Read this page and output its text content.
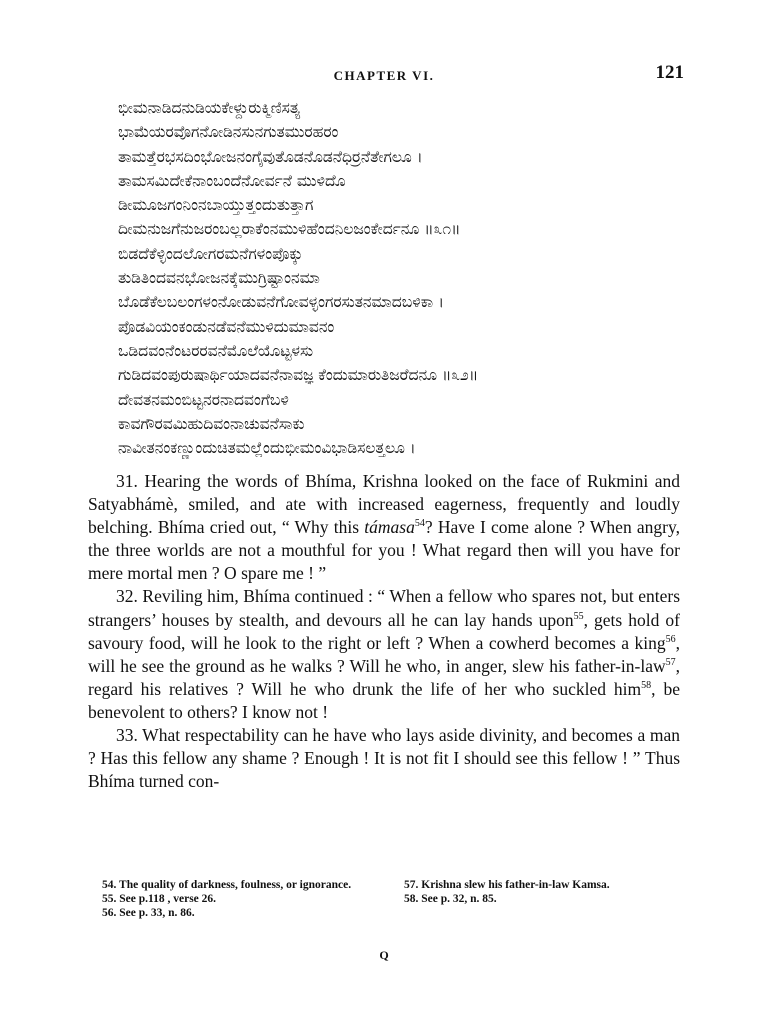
CHAPTER VI.	121
ಭೀಮನಾಡಿದನುಡಿಯಕೇಳ್ದುರುಕ್ಮಿಣಿಸತ್ಯ
ಭಾಮೆಯರವೊಗನೋಡಿನಸುನಗುತಮುರಹರಂ
ತಾಮತ್ತೆರಭಸದಿಂಭೋಜನಂಗೈವುತೊಡನೊಡನೆಧಿರ‍್ರನೆತೇಗಲೂ ।
ತಾಮಸಮಿದೇಕೆನಾಂಬಂದೆನೋರ್ವನೆ ಮುಳಿದೊ
ಡೀಮೂಜಗಂನಿಂನಬಾಯ್ತುತ್ತಂದುತುತ್ತಾಗ
ದೀಮನುಜಗೆನುಜರಂಬಲ್ಲರಾಕೆಂನಮುಳಿಹೆಂದನಿಲಜಂಕೇರ್ದನೂ ॥೩೧॥
ಬಿಡದೆಕೆಳ್ಳಿಂದಲೋಗರಮನೆಗಳಂಪೊಕ್ಕು
ತುಡಿತಿಂದವನಭೋಜನಕ್ಕೆಮುಗ್ರಿಷ್ಟಾಂನಮಾ
ಬೊಡೆಕೆಲಬಲಂಗಳಂನೋಡುವನೆಗೋವಳ್ಳಂಗರಸುತನಮಾದಬಳಿಕಾ ।
ಪೊಡವಿಯಂಕಂಡುನಡೆವನೆಮುಳಿದುಮಾವನಂ
ಒಡಿದವಂನೆಂಟರರವನೆಮೊಲೆಯೊಟ್ಟಳಸು
ಗುಡಿದವಂಪುರುಷಾರ್ಥಿಯಾದವನೆನಾವಜ್ಞ ಕೆಂದುಮಾರುತಿಜರೆದನೂ ॥೩೨॥
ದೇವತನಮಂಬಿಟ್ಟನರನಾದವಂಗೆಬಳಿ
ಕಾವಗೌರವಮಿಹುದಿವಂನಾಚುವನೆಸಾಕು
ನಾವೀತನಂಕಣ್ಣುಂದುಚಿತಮಲ್ಲೆಂದುಭೀಮಂವಿಭಾಡಿಸಲತ್ತಲೂ ।

31. Hearing the words of Bhíma, Krishna looked on the face of Rukmini and Satyabhámè, smiled, and ate with increased eagerness, frequently and loudly belching. Bhíma cried out, “ Why this támasa$^{54}$? Have I come alone ? When angry, the three worlds are not a mouthful for you ! What regard then will you have for mere mortal men ? O spare me ! ”

32. Reviling him, Bhíma continued : “ When a fellow who spares not, but enters strangers’ houses by stealth, and devours all he can lay hands upon$^{55}$, gets hold of savoury food, will he look to the right or left ? When a cowherd becomes a king$^{56}$, will he see the ground as he walks ? Will he who, in anger, slew his father-in-law$^{57}$, regard his relatives ? Will he who drunk the life of her who suckled him$^{58}$, be benevolent to others? I know not !

33. What respectability can he have who lays aside divinity, and becomes a man ? Has this fellow any shame ? Enough ! It is not fit I should see this fellow ! ” Thus Bhíma turned con-

54. The quality of darkness, foulness, or ignorance.

55. See p.118 , verse 26.

56. See p. 33, n. 86.

57. Krishna slew his father-in-law Kamsa.

58. See p. 32, n. 85.

Q
